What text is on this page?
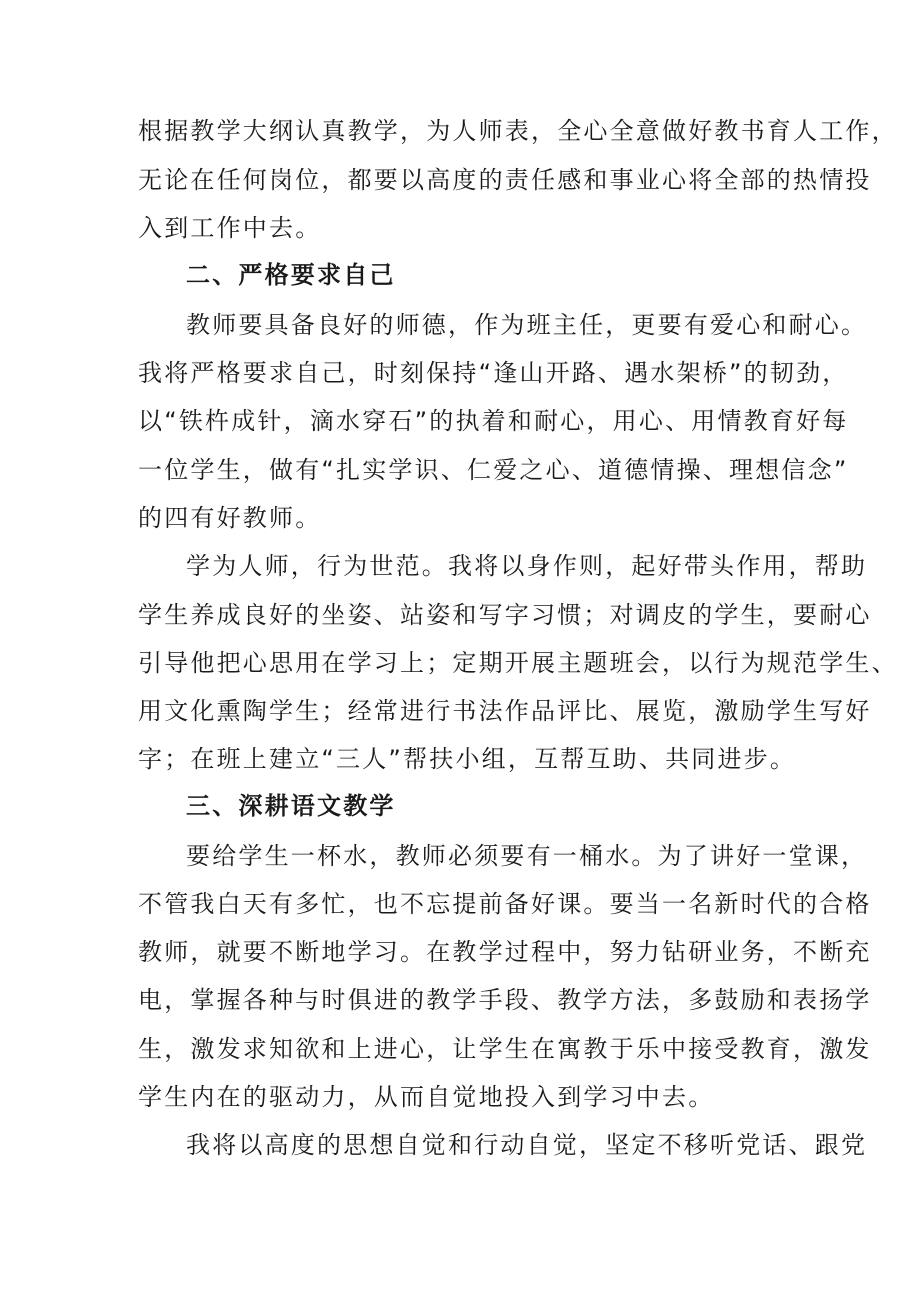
根据教学大纲认真教学，为人师表，全心全意做好教书育人工作，
无论在任何岗位，都要以高度的责任感和事业心将全部的热情投
入到工作中去。
二、严格要求自己
教师要具备良好的师德，作为班主任，更要有爱心和耐心。
我将严格要求自己，时刻保持“逢山开路、遇水架桥”的韧劲，
以“铁杵成针，滴水穿石”的执着和耐心，用心、用情教育好每
一位学生，做有“扎实学识、仁爱之心、道德情操、理想信念”
的四有好教师。
学为人师，行为世范。我将以身作则，起好带头作用，帮助
学生养成良好的坐姿、站姿和写字习惯；对调皮的学生，要耐心
引导他把心思用在学习上；定期开展主题班会，以行为规范学生、
用文化熏陶学生；经常进行书法作品评比、展览，激励学生写好
字；在班上建立“三人”帮扶小组，互帮互助、共同进步。
三、深耕语文教学
要给学生一杯水，教师必须要有一桶水。为了讲好一堂课，
不管我白天有多忙，也不忘提前备好课。要当一名新时代的合格
教师，就要不断地学习。在教学过程中，努力钻研业务，不断充
电，掌握各种与时俱进的教学手段、教学方法，多鼓励和表扬学
生，激发求知欲和上进心，让学生在寓教于乐中接受教育，激发
学生内在的驱动力，从而自觉地投入到学习中去。
我将以高度的思想自觉和行动自觉，坚定不移听党话、跟党
